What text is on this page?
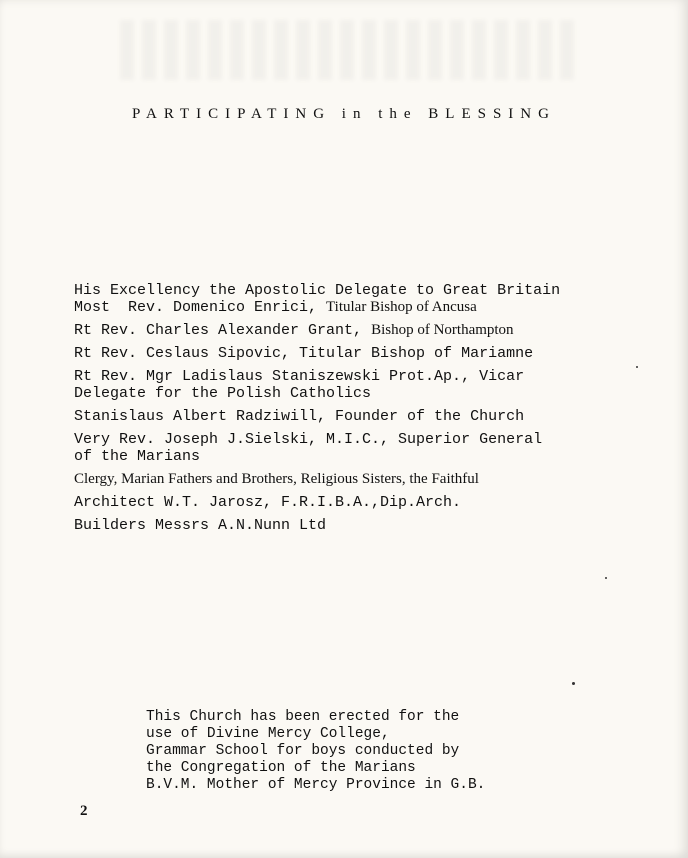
PARTICIPATING in the BLESSING
His Excellency the Apostolic Delegate to Great Britain
Most  Rev. Domenico Enrici, Titular Bishop of Ancusa
Rt Rev. Charles Alexander Grant, Bishop of Northampton
Rt Rev. Ceslaus Sipovic, Titular Bishop of Mariamne
Rt Rev. Mgr Ladislaus Staniszewski Prot.Ap., Vicar
Delegate for the Polish Catholics
Stanislaus Albert Radziwill, Founder of the Church
Very Rev. Joseph J.Sielski, M.I.C., Superior General
of the Marians
Clergy, Marian Fathers and Brothers, Religious Sisters, the Faithful
Architect W.T. Jarosz, F.R.I.B.A.,Dip.Arch.
Builders Messrs A.N.Nunn Ltd
This Church has been erected for the
use of Divine Mercy College,
Grammar School for boys conducted by
the Congregation of the Marians
B.V.M. Mother of Mercy Province in G.B.
2
